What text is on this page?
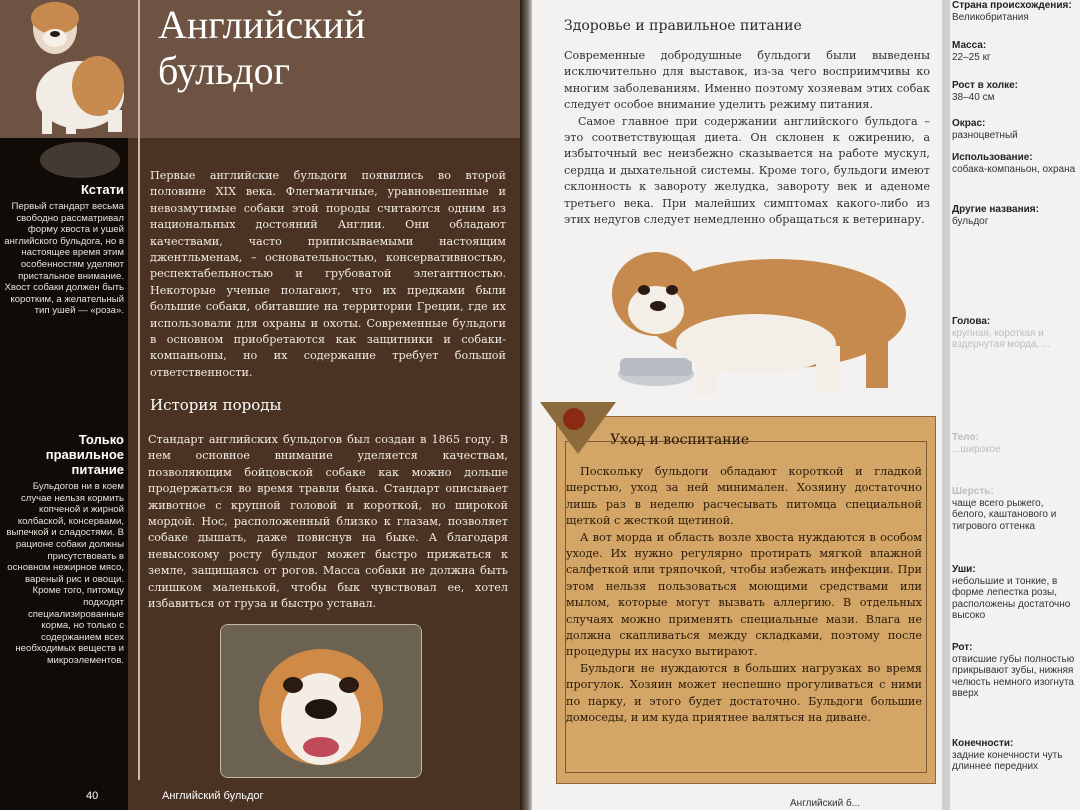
Английский
бульдог
Кстати

Первый стандарт весьма свободно рассматривал форму хвоста и ушей английского бульдога, но в настоящее время этим особенностям уделяют пристальное внимание. Хвост собаки должен быть коротким, а желательный тип ушей — «роза».

Только
правильное
питание

Бульдогов ни в коем случае нельзя кормить копченой и жирной колбаской, консервами, выпечкой и сладостями. В рационе собаки должны присутствовать в основном нежирное мясо, вареный рис и овощи. Кроме того, питомцу подходят специализированные корма, но только с содержанием всех необходимых веществ и микроэлементов.

Первые английские бульдоги появились во второй половине XIX века. Флегматичные, уравновешенные и невозмутимые собаки этой породы считаются одним из национальных достояний Англии. Они обладают качествами, часто приписываемыми настоящим джентльменам, – основательностью, консервативностью, респектабельностью и грубоватой элегантностью. Некоторые ученые полагают, что их предками были большие собаки, обитавшие на территории Греции, где их использовали для охраны и охоты. Современные бульдоги в основном приобретаются как защитники и собаки-компаньоны, но их содержание требует большой ответственности.

История породы

Стандарт английских бульдогов был создан в 1865 году. В нем основное внимание уделяется качествам, позволяющим бойцовской собаке как можно дольше продержаться во время травли быка. Стандарт описывает животное с крупной головой и короткой, но широкой мордой. Нос, расположенный близко к глазам, позволяет собаке дышать, даже повиснув на быке. А благодаря невысокому росту бульдог может быстро прижаться к земле, защищаясь от рогов. Масса собаки не должна быть слишком маленькой, чтобы бык чувствовал ее, хотел избавиться от груза и быстро уставал.

40	Английский бульдог
Здоровье и правильное питание

Современные добродушные бульдоги были выведены исключительно для выставок, из-за чего восприимчивы ко многим заболеваниям. Именно поэтому хозяевам этих собак следует особое внимание уделить режиму питания.

Самое главное при содержании английского бульдога – это соответствующая диета. Он склонен к ожирению, а избыточный вес неизбежно сказывается на работе мускул, сердца и дыхательной системы. Кроме того, бульдоги имеют склонность к завороту желудка, завороту век и аденоме третьего века. При малейших симптомах какого-либо из этих недугов следует немедленно обращаться к ветеринару.

Уход и воспитание

Поскольку бульдоги обладают короткой и гладкой шерстью, уход за ней минимален. Хозяину достаточно лишь раз в неделю расчесывать питомца специальной щеткой с жесткой щетиной.

А вот морда и область возле хвоста нуждаются в особом уходе. Их нужно регулярно протирать мягкой влажной салфеткой или тряпочкой, чтобы избежать инфекции. При этом нельзя пользоваться моющими средствами или мылом, которые могут вызвать аллергию. В отдельных случаях можно применять специальные мази. Влага не должна скапливаться между складками, поэтому после процедуры их насухо вытирают.

Бульдоги не нуждаются в больших нагрузках во время прогулок. Хозяин может неспешно прогуливаться с ними по парку, и этого будет достаточно. Бульдоги большие домоседы, и им куда приятнее валяться на диване.

Английский б...
Страна происхождения:
Великобритания
Масса:
22–25 кг
Рост в холке:
38–40 см
Окрас:
разноцветный
Использование:
собака-компаньон, охрана
Другие названия:
бульдог
Голова:
крупная, короткая и вздернутая морда, ...
Тело:
...широкое
Шерсть:
чаще всего рыжего, белого, каштанового и тигрового оттенка
Уши:
небольшие и тонкие, в форме лепестка розы, расположены достаточно высоко
Рот:
отвисшие губы полностью прикрывают зубы, нижняя челюсть немного изогнута вверх
Конечности:
задние конечности чуть длиннее передних
